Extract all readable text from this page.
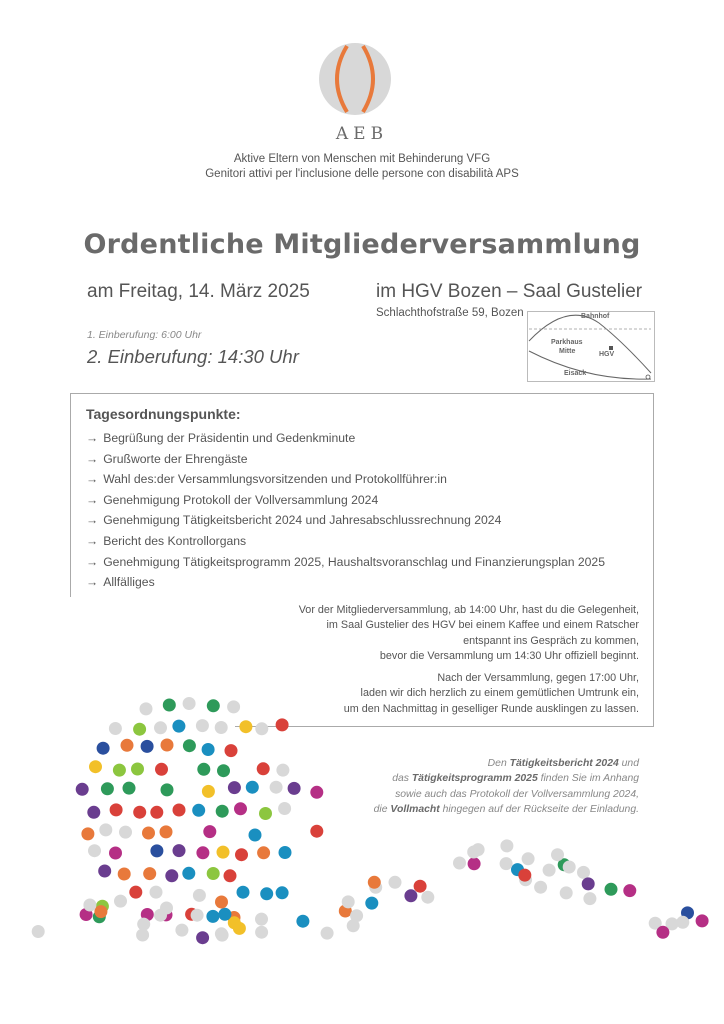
AEB
Aktive Eltern von Menschen mit Behinderung VFG
Genitori attivi per l'inclusione delle persone con disabilità APS
Ordentliche Mitgliederversammlung
am Freitag, 14. März 2025	im HGV Bozen – Saal Gustelier
Schlachthofstraße 59, Bozen
1. Einberufung: 6:00 Uhr
2. Einberufung: 14:30 Uhr
Bahnhof
Parkhaus
Mitte	HGV
Eisack
Tagesordnungspunkte:
→ Begrüßung der Präsidentin und Gedenkminute
→ Grußworte der Ehrengäste
→ Wahl des:der Versammlungsvorsitzenden und Protokollführer:in
→ Genehmigung Protokoll der Vollversammlung 2024
→ Genehmigung Tätigkeitsbericht 2024 und Jahresabschlussrechnung 2024
→ Bericht des Kontrollorgans
→ Genehmigung Tätigkeitsprogramm 2025, Haushaltsvoranschlag und Finanzierungsplan 2025
→ Allfälliges

Vor der Mitgliederversammlung, ab 14:00 Uhr, hast du die Gelegenheit,
im Saal Gustelier des HGV bei einem Kaffee und einem Ratscher
entspannt ins Gespräch zu kommen,
bevor die Versammlung um 14:30 Uhr offiziell beginnt.

Nach der Versammlung, gegen 17:00 Uhr,
laden wir dich herzlich zu einem gemütlichen Umtrunk ein,
um den Nachmittag in geselliger Runde ausklingen zu lassen.

Den Tätigkeitsbericht 2024 und
das Tätigkeitsprogramm 2025 finden Sie im Anhang
sowie auch das Protokoll der Vollversammlung 2024,
die Vollmacht hingegen auf der Rückseite der Einladung.
